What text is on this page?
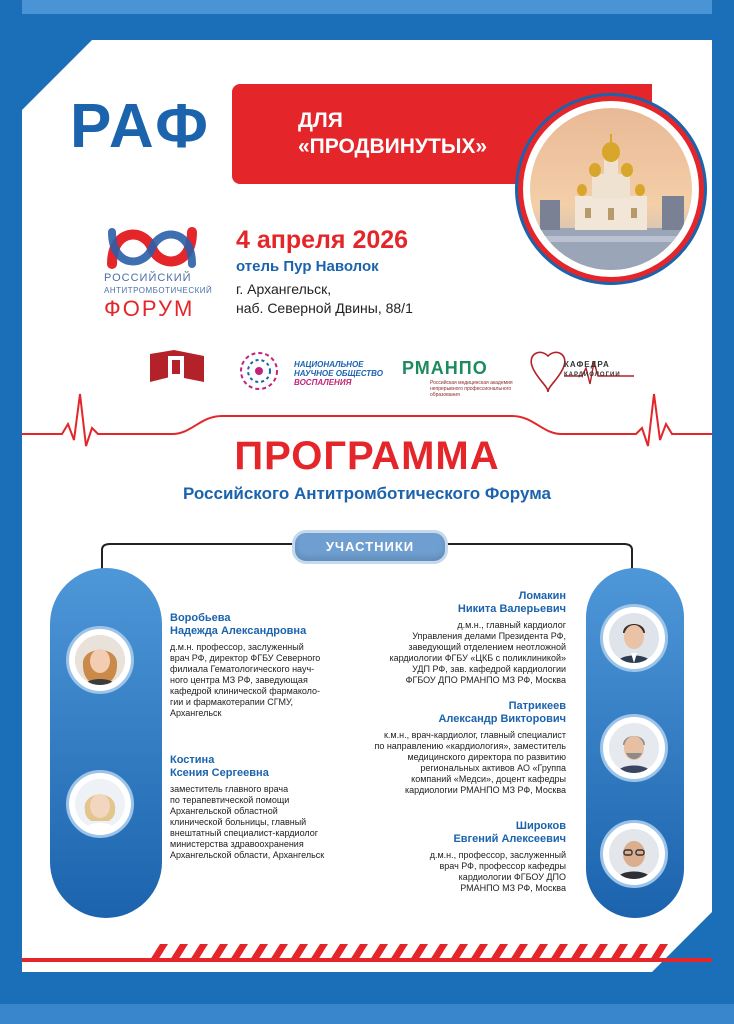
РАФ	ДЛЯ
«ПРОДВИНУТЫХ»
РОССИЙСКИЙ
АНТИТРОМБОТИЧЕСКИЙ
ФОРУМ
4 апреля 2026
отель Пур Наволок
г. Архангельск,
наб. Северной Двины, 88/1
НАЦИОНАЛЬНОЕ
НАУЧНОЕ ОБЩЕСТВО
ВОСПАЛЕНИЯ
РМАНПО
Российская медицинская академия непрерывного профессионального образования
КАФЕДРА
КАРДИОЛОГИИ
ПРОГРАММА
Российского Антитромботического Форума
УЧАСТНИКИ
Воробьева
Надежда Александровна
д.м.н. профессор, заслуженный
врач РФ, директор ФГБУ Северного
филиала Гематологического науч-
ного центра МЗ РФ, заведующая
кафедрой клинической фармаколо-
гии и фармакотерапии СГМУ,
Архангельск
Костина
Ксения Сергеевна
заместитель главного врача
по терапевтической помощи
Архангельской областной
клинической больницы, главный
внештатный специалист-кардиолог
министерства здравоохранения
Архангельской области, Архангельск
Ломакин
Никита Валерьевич
д.м.н., главный кардиолог
Управления делами Президента РФ,
заведующий отделением неотложной
кардиологии ФГБУ «ЦКБ с поликлиникой»
УДП РФ, зав. кафедрой кардиологии
ФГБОУ ДПО РМАНПО МЗ РФ, Москва
Патрикеев
Александр Викторович
к.м.н., врач-кардиолог, главный специалист
по направлению «кардиология», заместитель
медицинского директора по развитию
региональных активов АО «Группа
компаний «Медси», доцент кафедры
кардиологии РМАНПО МЗ РФ, Москва
Широков
Евгений Алексеевич
д.м.н., профессор, заслуженный
врач РФ, профессор кафедры
кардиологии ФГБОУ ДПО
РМАНПО МЗ РФ, Москва
